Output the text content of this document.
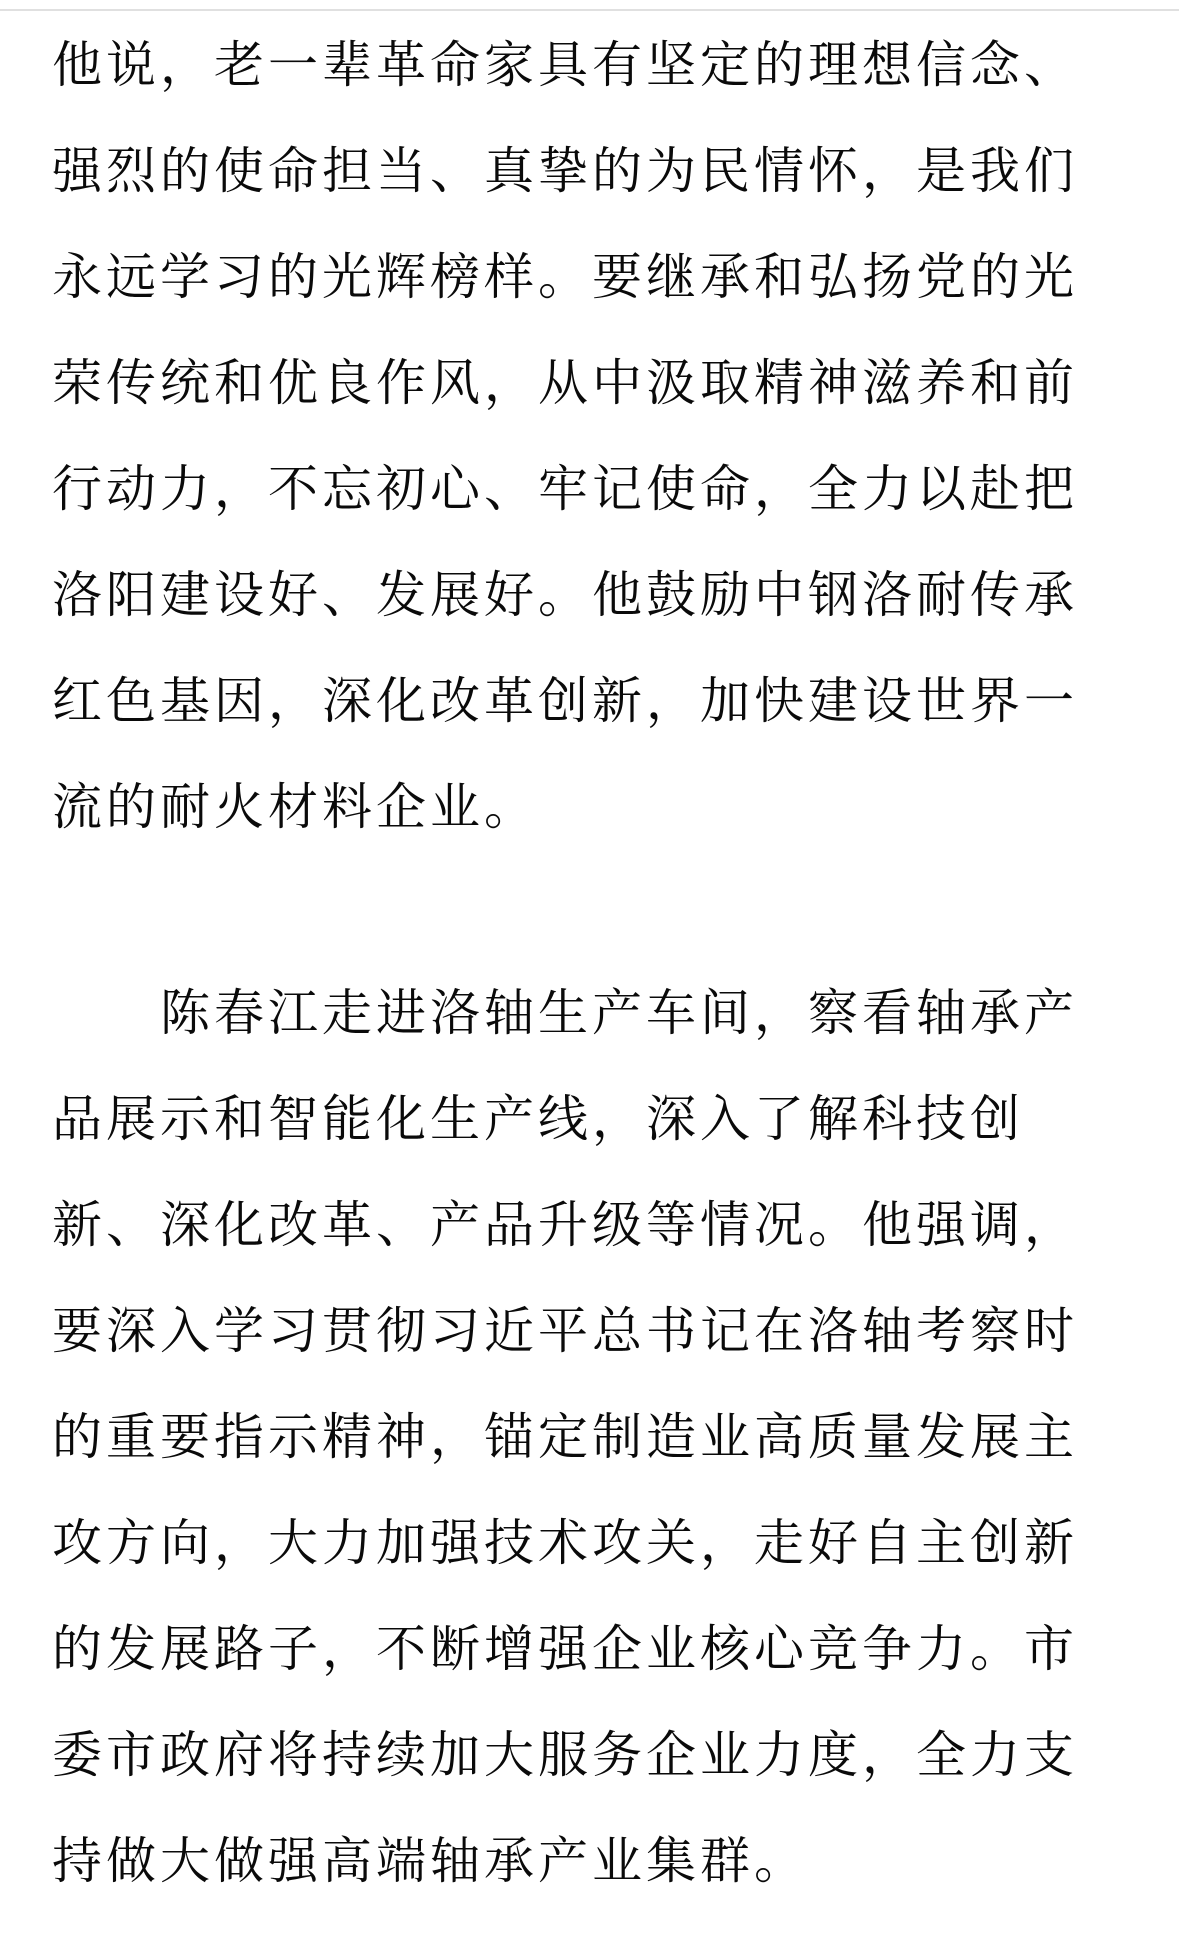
他说，老一辈革命家具有坚定的理想信念、
强烈的使命担当、真挚的为民情怀，是我们
永远学习的光辉榜样。要继承和弘扬党的光
荣传统和优良作风，从中汲取精神滋养和前
行动力，不忘初心、牢记使命，全力以赴把
洛阳建设好、发展好。他鼓励中钢洛耐传承
红色基因，深化改革创新，加快建设世界一
流的耐火材料企业。

陈春江走进洛轴生产车间，察看轴承产
品展示和智能化生产线，深入了解科技创
新、深化改革、产品升级等情况。他强调，
要深入学习贯彻习近平总书记在洛轴考察时
的重要指示精神，锚定制造业高质量发展主
攻方向，大力加强技术攻关，走好自主创新
的发展路子，不断增强企业核心竞争力。市
委市政府将持续加大服务企业力度，全力支
持做大做强高端轴承产业集群。
